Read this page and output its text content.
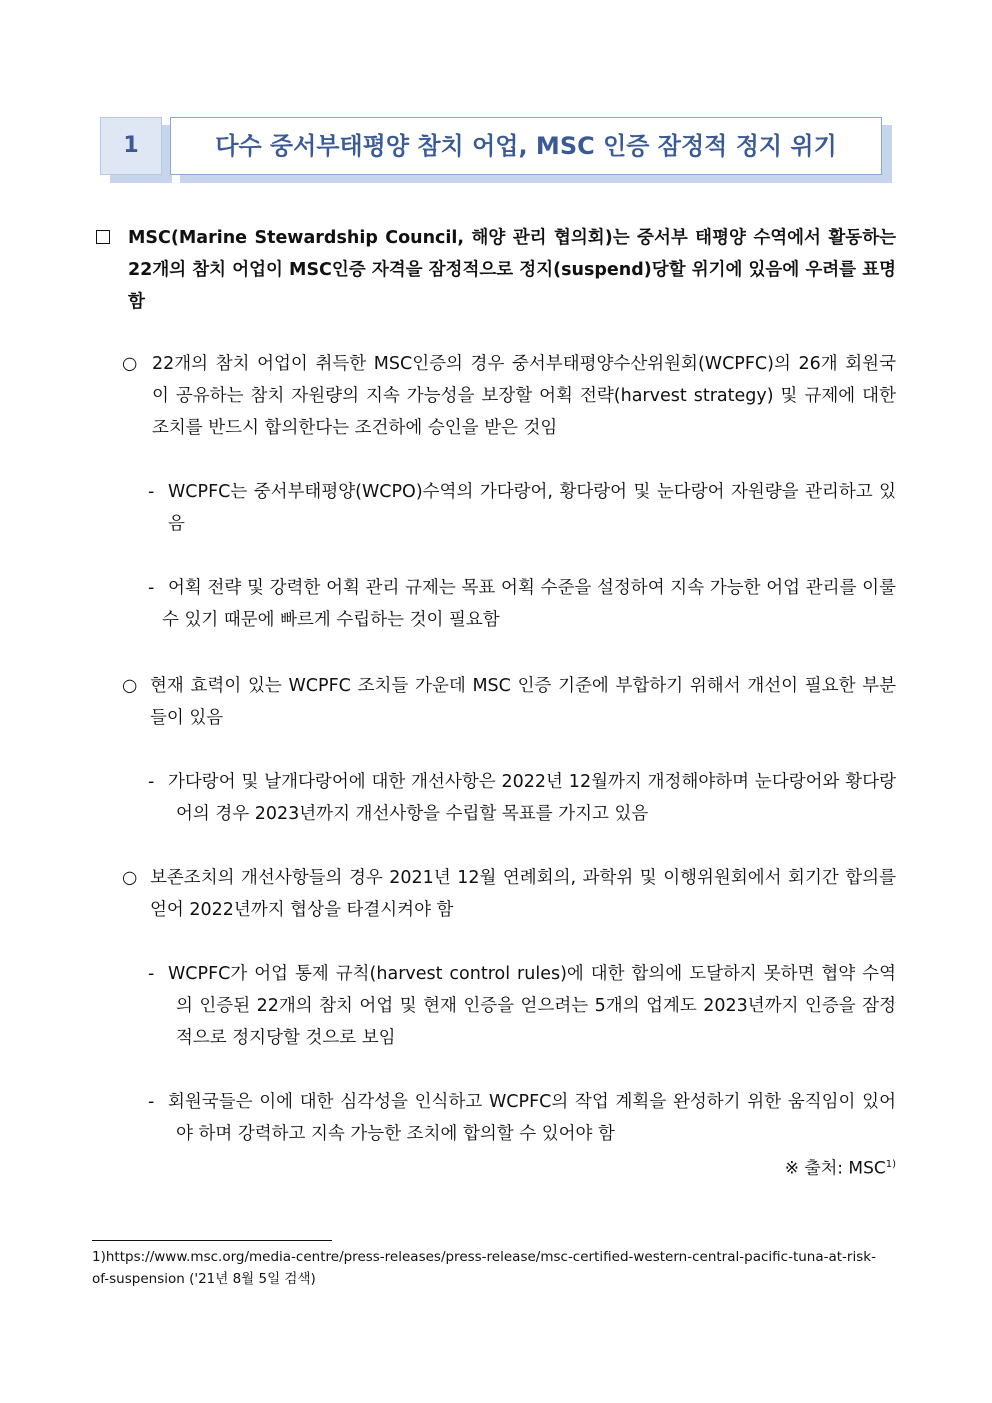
1	다수 중서부태평양 참치 어업, MSC 인증 잠정적 정지 위기
MSC(Marine Stewardship Council, 해양 관리 협의회)는 중서부 태평양 수역에서 활동하는 22개의 참치 어업이 MSC인증 자격을 잠정적으로 정지(suspend)당할 위기에 있음에 우려를 표명함
○ 22개의 참치 어업이 취득한 MSC인증의 경우 중서부태평양수산위원회(WCPFC)의 26개 회원국이 공유하는 참치 자원량의 지속 가능성을 보장할 어획 전략(harvest strategy) 및 규제에 대한 조치를 반드시 합의한다는 조건하에 승인을 받은 것임
- WCPFC는 중서부태평양(WCPO)수역의 가다랑어, 황다랑어 및 눈다랑어 자원량을 관리하고 있음
- 어획 전략 및 강력한 어획 관리 규제는 목표 어획 수준을 설정하여 지속 가능한 어업 관리를 이룰 수 있기 때문에 빠르게 수립하는 것이 필요함
○ 현재 효력이 있는 WCPFC 조치들 가운데 MSC 인증 기준에 부합하기 위해서 개선이 필요한 부분들이 있음
- 가다랑어 및 날개다랑어에 대한 개선사항은 2022년 12월까지 개정해야하며 눈다랑어와 황다랑어의 경우 2023년까지 개선사항을 수립할 목표를 가지고 있음
○ 보존조치의 개선사항들의 경우 2021년 12월 연례회의, 과학위 및 이행위원회에서 회기간 합의를 얻어 2022년까지 협상을 타결시켜야 함
- WCPFC가 어업 통제 규칙(harvest control rules)에 대한 합의에 도달하지 못하면 협약 수역의 인증된 22개의 참치 어업 및 현재 인증을 얻으려는 5개의 업계도 2023년까지 인증을 잠정적으로 정지당할 것으로 보임
- 회원국들은 이에 대한 심각성을 인식하고 WCPFC의 작업 계획을 완성하기 위한 움직임이 있어야 하며 강력하고 지속 가능한 조치에 합의할 수 있어야 함
※ 출처: MSC$^{1)}$
1)https://www.msc.org/media-centre/press-releases/press-release/msc-certified-western-central-pacific-tuna-at-risk-of-suspension ('21년 8월 5일 검색)
